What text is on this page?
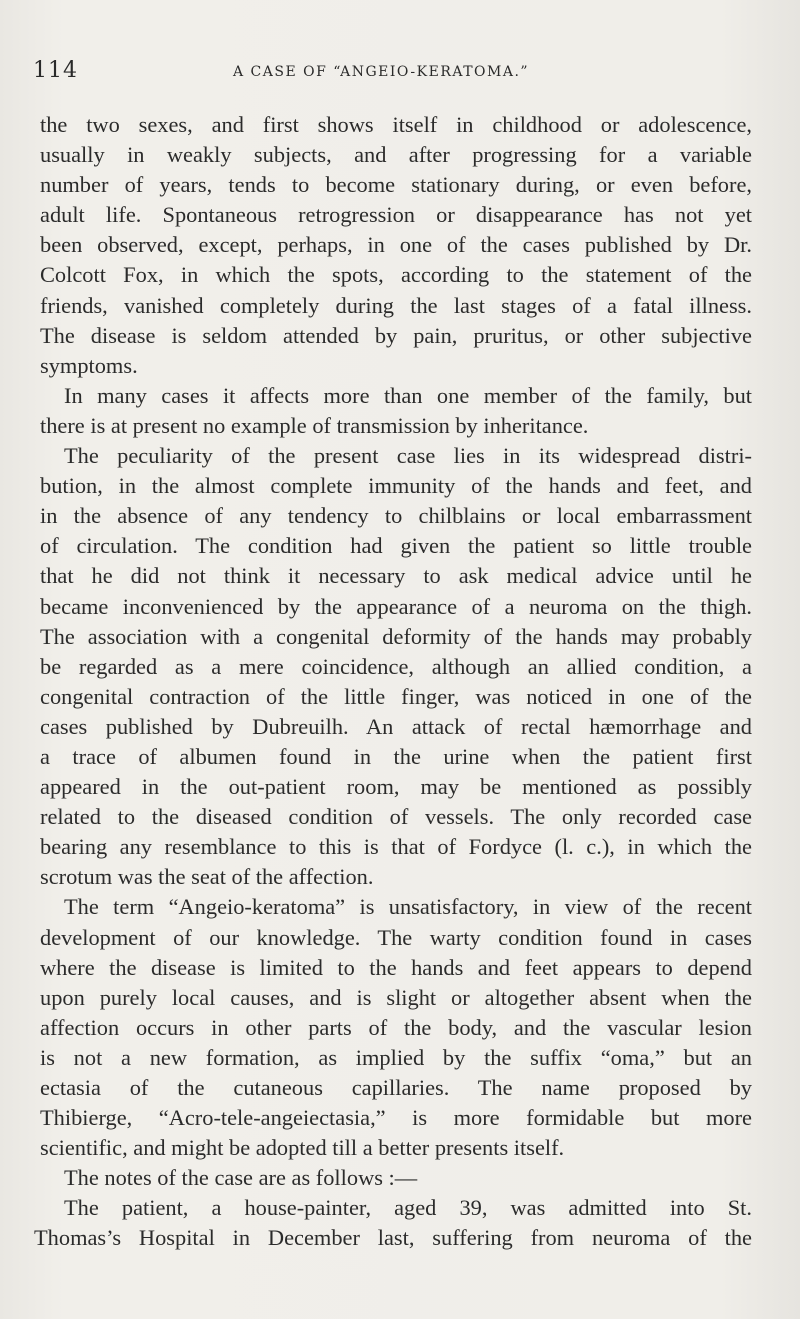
114	A CASE OF “ANGEIO-KERATOMA.”
the two sexes, and first shows itself in childhood or adolescence,
usually in weakly subjects, and after progressing for a variable
number of years, tends to become stationary during, or even before,
adult life. Spontaneous retrogression or disappearance has not yet
been observed, except, perhaps, in one of the cases published by Dr.
Colcott Fox, in which the spots, according to the statement of the
friends, vanished completely during the last stages of a fatal illness.
The disease is seldom attended by pain, pruritus, or other subjective
symptoms.
In many cases it affects more than one member of the family, but
there is at present no example of transmission by inheritance.
The peculiarity of the present case lies in its widespread distri-
bution, in the almost complete immunity of the hands and feet, and
in the absence of any tendency to chilblains or local embarrassment
of circulation. The condition had given the patient so little trouble
that he did not think it necessary to ask medical advice until he
became inconvenienced by the appearance of a neuroma on the thigh.
The association with a congenital deformity of the hands may probably
be regarded as a mere coincidence, although an allied condition, a
congenital contraction of the little finger, was noticed in one of the
cases published by Dubreuilh. An attack of rectal hæmorrhage and
a trace of albumen found in the urine when the patient first
appeared in the out-patient room, may be mentioned as possibly
related to the diseased condition of vessels. The only recorded case
bearing any resemblance to this is that of Fordyce (l. c.), in which the
scrotum was the seat of the affection.
The term “Angeio-keratoma” is unsatisfactory, in view of the recent
development of our knowledge. The warty condition found in cases
where the disease is limited to the hands and feet appears to depend
upon purely local causes, and is slight or altogether absent when the
affection occurs in other parts of the body, and the vascular lesion
is not a new formation, as implied by the suffix “oma,” but an
ectasia of the cutaneous capillaries. The name proposed by
Thibierge, “Acro-tele-angeiectasia,” is more formidable but more
scientific, and might be adopted till a better presents itself.
The notes of the case are as follows :—
The patient, a house-painter, aged 39, was admitted into St.
Thomas’s Hospital in December last, suffering from neuroma of the
